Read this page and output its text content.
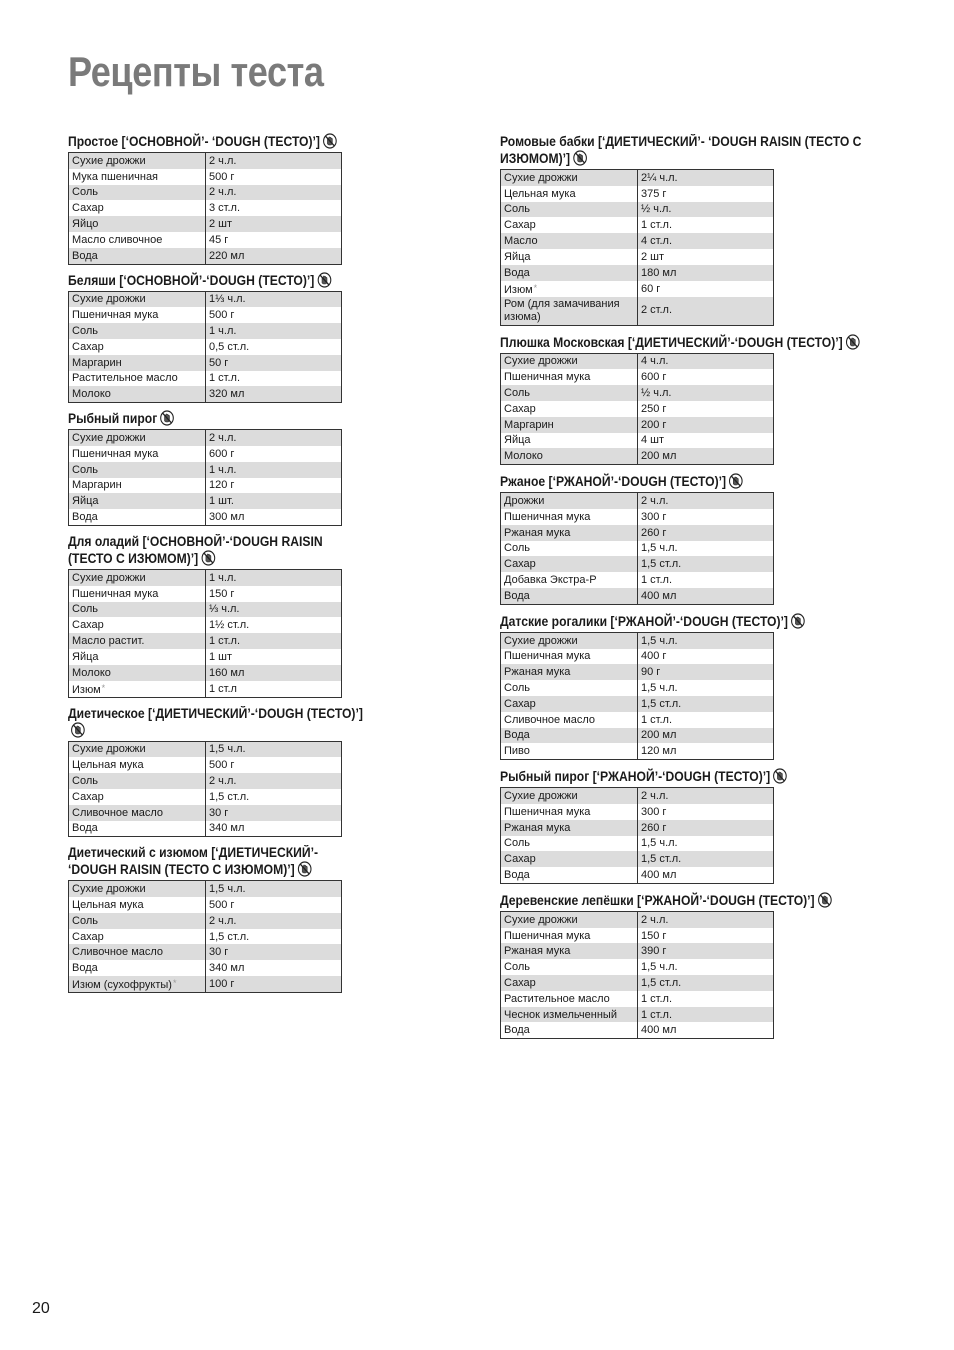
Рецепты теста
Простое [‘ОСНОВНОЙ’- ‘DOUGH (ТЕСТО)’]
Сухие дрожжи	2 ч.л.
Мука пшеничная	500 г
Соль	2 ч.л.
Сахар	3 ст.л.
Яйцо	2 шт
Масло сливочное	45 г
Вода	220 мл
Беляши [‘ОСНОВНОЙ’-‘DOUGH (ТЕСТО)’]
Сухие дрожжи	1⅓ ч.л.
Пшеничная мука	500 г
Соль	1 ч.л.
Сахар	0,5 ст.л.
Маргарин	50 г
Растительное масло	1 ст.л.
Молоко	320 мл
Рыбный пирог
Сухие дрожжи	2 ч.л.
Пшеничная мука	600 г
Соль	1 ч.л.
Маргарин	120 г
Яйца	1 шт.
Вода	300 мл
Для оладий [‘ОСНОВНОЙ’-‘DOUGH RAISIN (ТЕСТО С ИЗЮМОМ)’]
Сухие дрожжи	1 ч.л.
Пшеничная мука	150 г
Соль	⅓ ч.л.
Сахар	1½ ст.л.
Масло растит.	1 ст.л.
Яйца	1 шт
Молоко	160 мл
Изюм*	1 ст.л
Диетическое [‘ДИЕТИЧЕСКИЙ’-‘DOUGH (ТЕСТО)’]
Сухие дрожжи	1,5 ч.л.
Цельная мука	500 г
Соль	2 ч.л.
Сахар	1,5 ст.л.
Сливочное масло	30 г
Вода	340 мл
Диетический с изюмом [‘ДИЕТИЧЕСКИЙ’- ‘DOUGH RAISIN (ТЕСТО С ИЗЮМОМ)’]
Сухие дрожжи	1,5 ч.л.
Цельная мука	500 г
Соль	2 ч.л.
Сахар	1,5 ст.л.
Сливочное масло	30 г
Вода	340 мл
Изюм (сухофрукты)*	100 г
Ромовые бабки [‘ДИЕТИЧЕСКИЙ’- ‘DOUGH RAISIN (ТЕСТО С ИЗЮМОМ)’]
Сухие дрожжи	2¼ ч.л.
Цельная мука	375 г
Соль	½ ч.л.
Сахар	1 ст.л.
Масло	4 ст.л.
Яйца	2 шт
Вода	180 мл
Изюм*	60 г
Ром (для замачивания изюма)	2 ст.л.
Плюшка Московская [‘ДИЕТИЧЕСКИЙ’-‘DOUGH (ТЕСТО)’]
Сухие дрожжи	4 ч.л.
Пшеничная мука	600 г
Соль	½ ч.л.
Сахар	250 г
Маргарин	200 г
Яйца	4 шт
Молоко	200 мл
Ржаное [‘РЖАНОЙ’-‘DOUGH (ТЕСТО)’]
Дрожжи	2 ч.л.
Пшеничная мука	300 г
Ржаная мука	260 г
Соль	1,5 ч.л.
Сахар	1,5 ст.л.
Добавка Экстра-Р	1 ст.л.
Вода	400 мл
Датские рогалики [‘РЖАНОЙ’-‘DOUGH (ТЕСТО)’]
Сухие дрожжи	1,5 ч.л.
Пшеничная мука	400 г
Ржаная мука	90 г
Соль	1,5 ч.л.
Сахар	1,5 ст.л.
Сливочное масло	1 ст.л.
Вода	200 мл
Пиво	120 мл
Рыбный пирог [‘РЖАНОЙ’-‘DOUGH (ТЕСТО)’]
Сухие дрожжи	2 ч.л.
Пшеничная мука	300 г
Ржаная мука	260 г
Соль	1,5 ч.л.
Сахар	1,5 ст.л.
Вода	400 мл
Деревенские лепёшки [‘РЖАНОЙ’-‘DOUGH (ТЕСТО)’]
Сухие дрожжи	2 ч.л.
Пшеничная мука	150 г
Ржаная мука	390 г
Соль	1,5 ч.л.
Сахар	1,5 ст.л.
Растительное масло	1 ст.л.
Чеснок измельченный	1 ст.л.
Вода	400 мл
20
